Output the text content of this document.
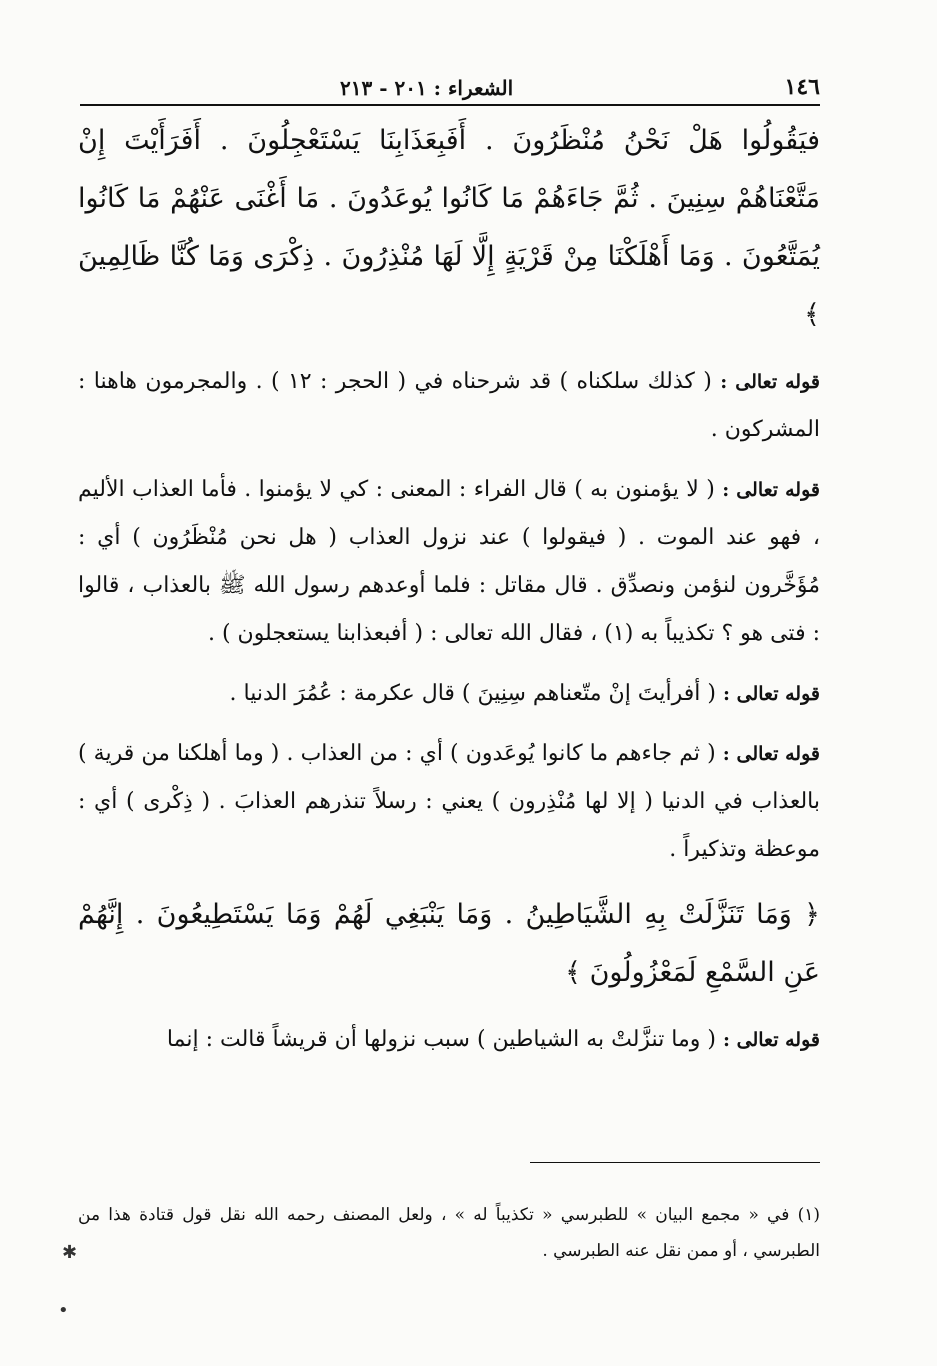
١٤٦
الشعراء : ٢٠١ - ٢١٣

فيَقُولُوا هَلْ نَحْنُ مُنْظَرُونَ . أَفَبِعَذَابِنَا يَسْتَعْجِلُونَ . أَفَرَأَيْتَ إِنْ مَتَّعْنَاهُمْ سِنِينَ . ثُمَّ جَاءَهُمْ مَا كَانُوا يُوعَدُونَ . مَا أَغْنَى عَنْهُمْ مَا كَانُوا يُمَتَّعُونَ . وَمَا أَهْلَكْنَا مِنْ قَرْيَةٍ إِلَّا لَهَا مُنْذِرُونَ . ذِكْرَى وَمَا كُنَّا ظَالِمِينَ ﴾

قوله تعالى : ( كذلك سلكناه ) قد شرحناه في ( الحجر : ١٢ ) . والمجرمون هاهنا : المشركون .

قوله تعالى : ( لا يؤمنون به ) قال الفراء : المعنى : كي لا يؤمنوا . فأما العذاب الأليم ، فهو عند الموت . ( فيقولوا ) عند نزول العذاب ( هل نحن مُنْظَرُون ) أي : مُؤَخَّرون لنؤمن ونصدِّق . قال مقاتل : فلما أوعدهم رسول الله ﷺ بالعذاب ، قالوا : فتى هو ؟ تكذيباً به (١) ، فقال الله تعالى : ( أفبعذابنا يستعجلون ) .

قوله تعالى : ( أفرأيتَ إنْ متّعناهم سِنِينَ ) قال عكرمة : عُمُرَ الدنيا .

قوله تعالى : ( ثم جاءهم ما كانوا يُوعَدون ) أي : من العذاب . ( وما أهلكنا من قرية ) بالعذاب في الدنيا ( إلا لها مُنْذِرون ) يعني : رسلاً تنذرهم العذابَ . ( ذِكْرى ) أي : موعظة وتذكيراً .

﴿ وَمَا تَنَزَّلَتْ بِهِ الشَّيَاطِينُ . وَمَا يَنْبَغِي لَهُمْ وَمَا يَسْتَطِيعُونَ . إِنَّهُمْ عَنِ السَّمْعِ لَمَعْزُولُونَ ﴾

قوله تعالى : ( وما تنزَّلتْ به الشياطين ) سبب نزولها أن قريشاً قالت : إنما

(١) في « مجمع البيان » للطبرسي « تكذيباً له » ، ولعل المصنف رحمه الله نقل قول قتادة هذا من الطبرسي ، أو ممن نقل عنه الطبرسي .

✱
•
